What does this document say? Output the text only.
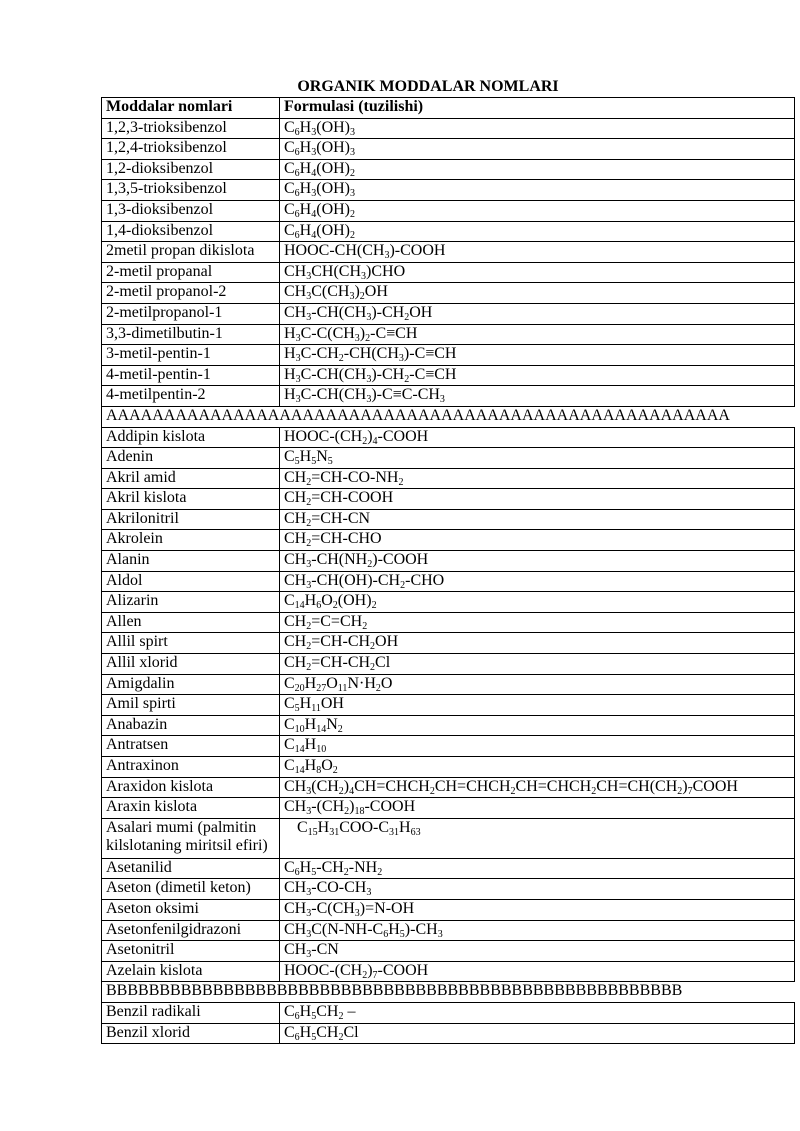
ORGANIK MODDALAR NOMLARI
Moddalar nomlari	Formulasi (tuzilishi)
1,2,3-trioksibenzol	$C_6H_3(OH)_3$
1,2,4-trioksibenzol	$C_6H_3(OH)_3$
1,2-dioksibenzol	$C_6H_4(OH)_2$
1,3,5-trioksibenzol	$C_6H_3(OH)_3$
1,3-dioksibenzol	$C_6H_4(OH)_2$
1,4-dioksibenzol	$C_6H_4(OH)_2$
2metil propan dikislota	HOOC-$CH(CH_3)$-COOH
2-metil propanal	$CH_3CH(CH_3)CHO$
2-metil propanol-2	$CH_3C(CH_3)_2OH$
2-metilpropanol-1	$CH_3-CH(CH_3)-CH_2OH$
3,3-dimetilbutin-1	$H_3C-C(CH_3)_2-C\equiv CH$
3-metil-pentin-1	$H_3C-CH_2-CH(CH_3)-C\equiv CH$
4-metil-pentin-1	$H_3C-CH(CH_3)-CH_2-C\equiv CH$
4-metilpentin-2	$H_3C-CH(CH_3)-C\equiv C-CH_3$
AAAAAAAAAAAAAAAAAAAAAAAAAAAAAAAAAAAAAAAAAAAAAAAAAAAAAA	
Addipin kislota	HOOC-$(CH_2)_4$-COOH
Adenin	$C_5H_5N_5$
Akril amid	$CH_2=CH-CO-NH_2$
Akril kislota	$CH_2=CH$-COOH
Akrilonitril	$CH_2=CH-CN$
Akrolein	$CH_2=CH$-CHO
Alanin	$CH_3-CH(NH_2)$-COOH
Aldol	$CH_3-CH(OH)-CH_2$-CHO
Alizarin	$C_{14}H_6O_2(OH)_2$
Allen	$CH_2=C=CH_2$
Allil spirt	$CH_2=CH-CH_2OH$
Allil xlorid	$CH_2=CH-CH_2Cl$
Amigdalin	$C_{20}H_{27}O_{11}N\cdot H_2O$
Amil spirti	$C_5H_{11}OH$
Anabazin	$C_{10}H_{14}N_2$
Antratsen	$C_{14}H_{10}$
Antraxinon	$C_{14}H_8O_2$
Araxidon kislota	$CH_3(CH_2)_4CH=CHCH_2CH=CHCH_2CH=CHCH_2CH=CH(CH_2)_7COOH$
Araxin kislota	$CH_3-(CH_2)_{18}$-COOH
Asalari mumi (palmitin kilslotaning miritsil efiri)	$C_{15}H_{31}COO-C_{31}H_{63}$
Asetanilid	$C_6H_5-CH_2-NH_2$
Aseton (dimetil keton)	$CH_3-CO-CH_3$
Aseton oksimi	$CH_3-C(CH_3)=N-OH$
Asetonfenilgidrazoni	$CH_3C(N-NH-C_6H_5)-CH_3$
Asetonitril	$CH_3-CN$
Azelain kislota	HOOC-$(CH_2)_7$-COOH
BBBBBBBBBBBBBBBBBBBBBBBBBBBBBBBBBBBBBBBBBBBBBBBBBBBBBB	
Benzil radikali	$C_6H_5CH_2$ –
Benzil xlorid	$C_6H_5CH_2Cl$
